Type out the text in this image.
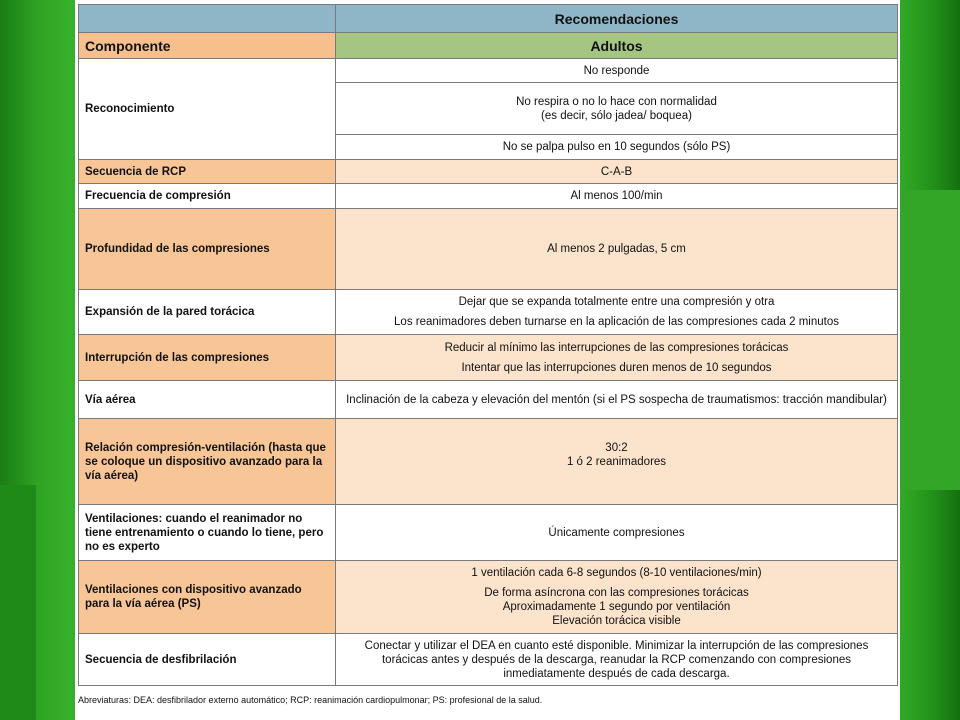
	Recomendaciones
Componente	Adultos
Reconocimiento	No responde
	No respira o no lo hace con normalidad (es decir, sólo jadea/ boquea)
	No se palpa pulso en 10 segundos (sólo PS)
Secuencia de RCP	C-A-B
Frecuencia de compresión	Al menos 100/min
Profundidad de las compresiones	Al menos 2 pulgadas, 5 cm
Expansión de la pared torácica	Dejar que se expanda totalmente entre una compresión y otra
Los reanimadores deben turnarse en la aplicación de las compresiones cada 2 minutos

Interrupción de las compresiones	Reducir al mínimo las interrupciones de las compresiones torácicas
Intentar que las interrupciones duren menos de 10 segundos

Vía aérea	Inclinación de la cabeza y elevación del mentón (si el PS sospecha de traumatismos: tracción mandibular)
Relación compresión-ventilación (hasta que se coloque un dispositivo avanzado para la vía aérea)	30:2
1 ó 2 reanimadores

Ventilaciones: cuando el reanimador no tiene entrenamiento o cuando lo tiene, pero no es experto	Únicamente compresiones
Ventilaciones con dispositivo avanzado para la vía aérea (PS)	1 ventilación cada 6-8 segundos (8-10 ventilaciones/min)
De forma asíncrona con las compresiones torácicas
Aproximadamente 1 segundo por ventilación
Elevación torácica visible

Secuencia de desfibrilación	Conectar y utilizar el DEA en cuanto esté disponible. Minimizar la interrupción de las compresiones torácicas antes y después de la descarga, reanudar la RCP comenzando con compresiones inmediatamente después de cada descarga.
Abreviaturas: DEA: desfibrilador externo automático; RCP: reanimación cardiopulmonar; PS: profesional de la salud.
